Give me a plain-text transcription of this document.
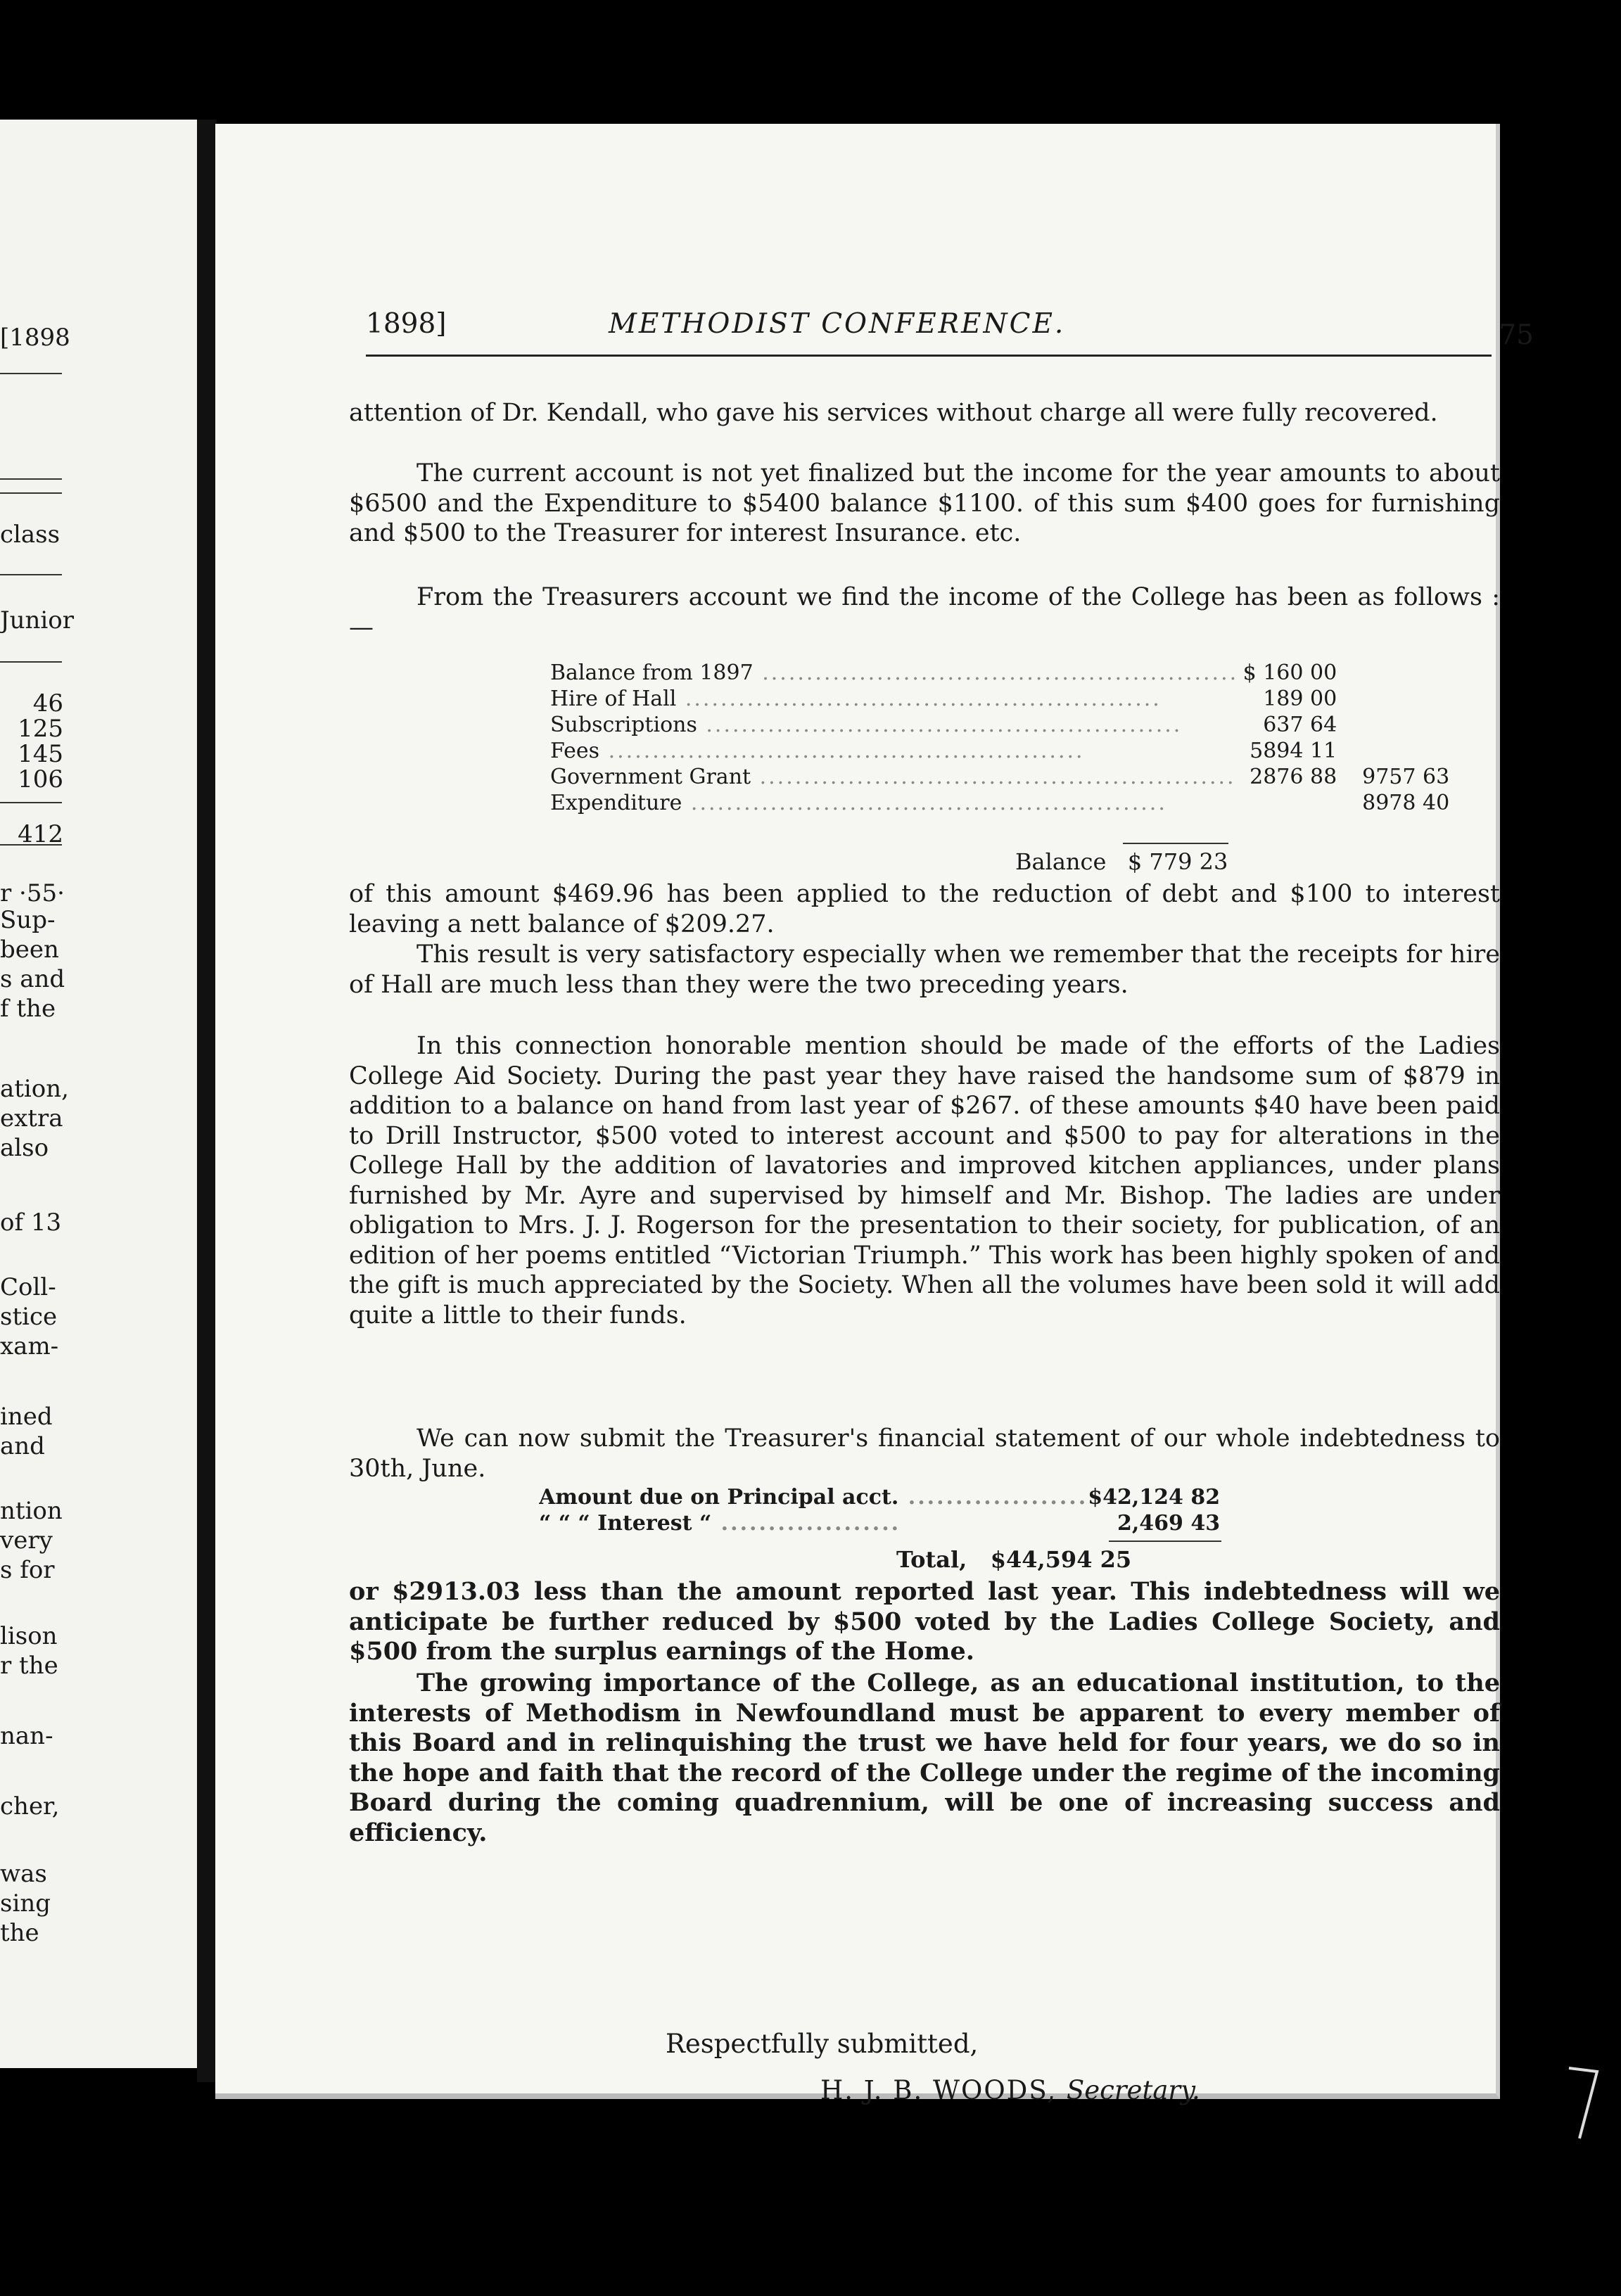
[1898
class
Junior
46
125
145
106
412
r ·55·
Sup-
been
s and
f the
ation,
extra
also
of 13
Coll-
stice
xam-
ined
and
ntion
very
s for
lison
r the
nan-
cher,
was
sing
the
1898]	METHODIST CONFERENCE.	75

attention of Dr. Kendall, who gave his services without charge all were fully recovered.

The current account is not yet finalized but the income for the year amounts to about $6500 and the Expenditure to $5400 balance $1100. of this sum $400 goes for furnishing and $500 to the Treasurer for interest Insurance. etc.

From the Treasurers account we find the income of the College has been as follows :—

Balance from 1897 ......................................................	$ 160 00	
Hire of Hall ......................................................	189 00	
Subscriptions ......................................................	637 64	
Fees ......................................................	5894 11	
Government Grant ......................................................	2876 88	9757 63
Expenditure ......................................................		8978 40
Balance $ 779 23

of this amount $469.96 has been applied to the reduction of debt and $100 to interest leaving a nett balance of $209.27.

This result is very satisfactory especially when we remember that the receipts for hire of Hall are much less than they were the two preceding years.

In this connection honorable mention should be made of the efforts of the Ladies College Aid Society. During the past year they have raised the handsome sum of $879 in addition to a balance on hand from last year of $267. of these amounts $40 have been paid to Drill Instructor, $500 voted to interest account and $500 to pay for alterations in the College Hall by the addition of lavatories and improved kitchen appliances, under plans furnished by Mr. Ayre and supervised by himself and Mr. Bishop. The ladies are under obligation to Mrs. J. J. Rogerson for the presentation to their society, for publication, of an edition of her poems entitled “Victorian Triumph.” This work has been highly spoken of and the gift is much appreciated by the Society. When all the volumes have been sold it will add quite a little to their funds.

We can now submit the Treasurer's financial statement of our whole indebtedness to 30th, June.

Amount due on Principal acct. ...................	$42,124 82
“ “ “ Interest “ ...................	2,469 43
Total, $44,594 25

or $2913.03 less than the amount reported last year. This indebtedness will we anticipate be further reduced by $500 voted by the Ladies College Society, and $500 from the surplus earnings of the Home.

The growing importance of the College, as an educational institution, to the interests of Methodism in Newfoundland must be apparent to every member of this Board and in relinquishing the trust we have held for four years, we do so in the hope and faith that the record of the College under the regime of the incoming Board during the coming quadrennium, will be one of increasing success and efficiency.

Respectfully submitted,
H. J. B. WOODS, Secretary.
